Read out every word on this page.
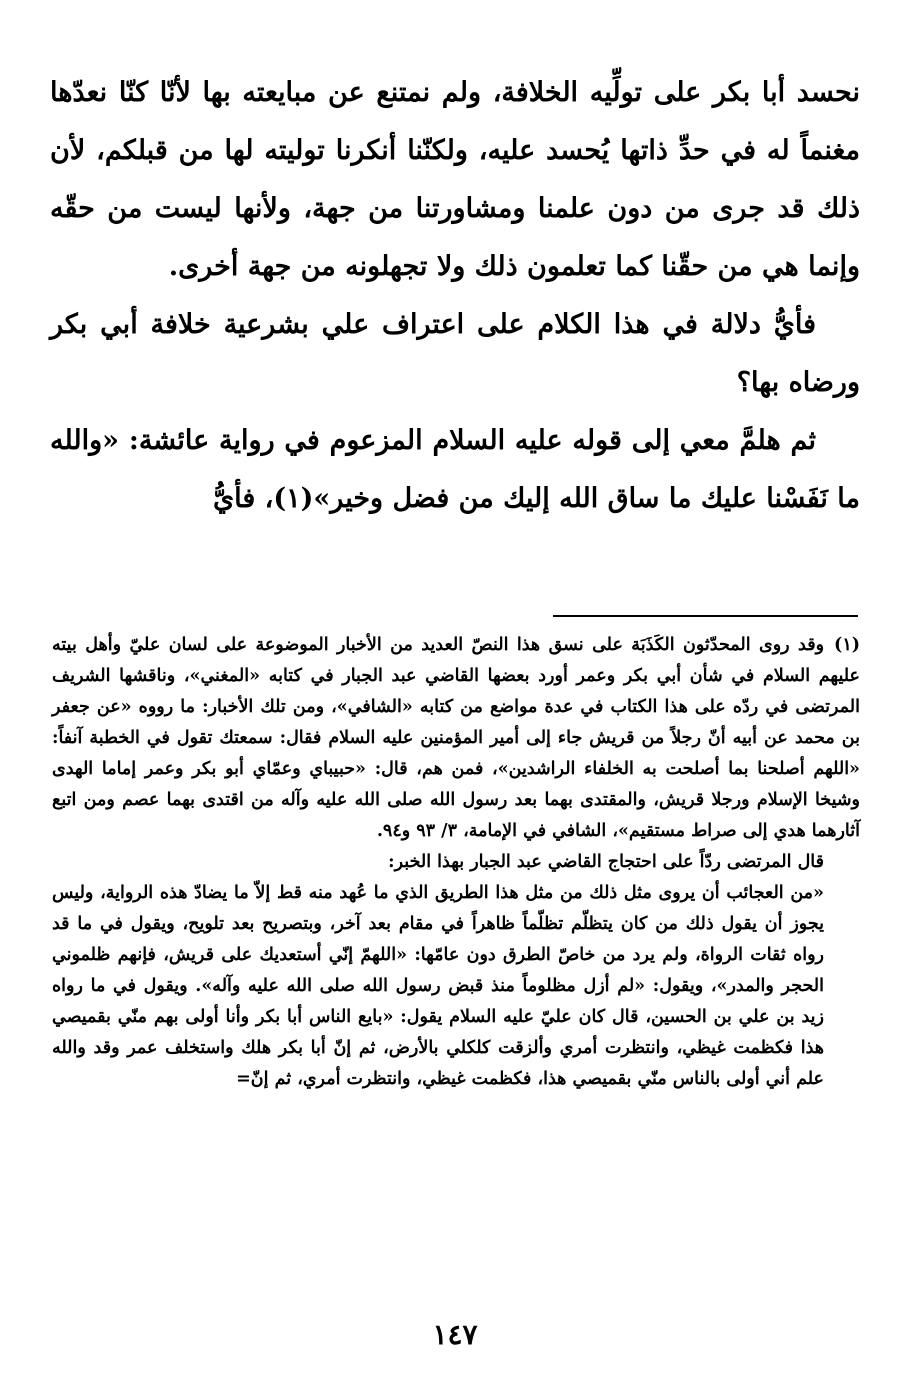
نحسد أبا بكر على تولِّيه الخلافة، ولم نمتنع عن مبايعته بها لأنّا كنّا نعدّها مغنماً له في حدِّ ذاتها يُحسد عليه، ولكنّنا أنكرنا توليته لها من قبلكم، لأن ذلك قد جرى من دون علمنا ومشاورتنا من جهة، ولأنها ليست من حقّه وإنما هي من حقّنا كما تعلمون ذلك ولا تجهلونه من جهة أخرى.

فأيُّ دلالة في هذا الكلام على اعتراف علي بشرعية خلافة أبي بكر ورضاه بها؟

ثم هلمَّ معي إلى قوله عليه السلام المزعوم في رواية عائشة: «والله ما نَفَسْنا عليك ما ساق الله إليك من فضل وخير»(١)، فأيُّ

(١)وقد روى المحدّثون الكَذَبَة على نسق هذا النصّ العديد من الأخبار الموضوعة على لسان عليّ وأهل بيته عليهم السلام في شأن أبي بكر وعمر أورد بعضها القاضي عبد الجبار في كتابه «المغني»، وناقشها الشريف المرتضى في ردّه على هذا الكتاب في عدة مواضع من كتابه «الشافي»، ومن تلك الأخبار: ما رووه «عن جعفر بن محمد عن أبيه أنّ رجلاً من قريش جاء إلى أمير المؤمنين عليه السلام فقال: سمعتك تقول في الخطبة آنفاً: «اللهم أصلحنا بما أصلحت به الخلفاء الراشدين»، فمن هم، قال: «حبيباي وعمّاي أبو بكر وعمر إماما الهدى وشيخا الإسلام ورجلا قريش، والمقتدى بهما بعد رسول الله صلى الله عليه وآله من اقتدى بهما عصم ومن اتبع آثارهما هدي إلى صراط مستقيم»، الشافي في الإمامة، ٣/ ٩٣ و٩٤.

قال المرتضى ردّاً على احتجاج القاضي عبد الجبار بهذا الخبر:

«من العجائب أن يروى مثل ذلك من مثل هذا الطريق الذي ما عُهد منه قط إلاّ ما يضادّ هذه الرواية، وليس يجوز أن يقول ذلك من كان يتظلّم تظلّماً ظاهراً في مقام بعد آخر، وبتصريح بعد تلويح، ويقول في ما قد رواه ثقات الرواة، ولم يرد من خاصّ الطرق دون عامّها: «اللهمّ إنّي أستعديك على قريش، فإنهم ظلموني الحجر والمدر»، ويقول: «لم أزل مظلوماً منذ قبض رسول الله صلى الله عليه وآله». ويقول في ما رواه زيد بن علي بن الحسين، قال كان عليّ عليه السلام يقول: «بايع الناس أبا بكر وأنا أولى بهم منّي بقميصي هذا فكظمت غيظي، وانتظرت أمري وألزقت كلكلي بالأرض، ثم إنّ أبا بكر هلك واستخلف عمر وقد والله علم أني أولى بالناس منّي بقميصي هذا، فكظمت غيظي، وانتظرت أمري، ثم إنّ=

١٤٧
